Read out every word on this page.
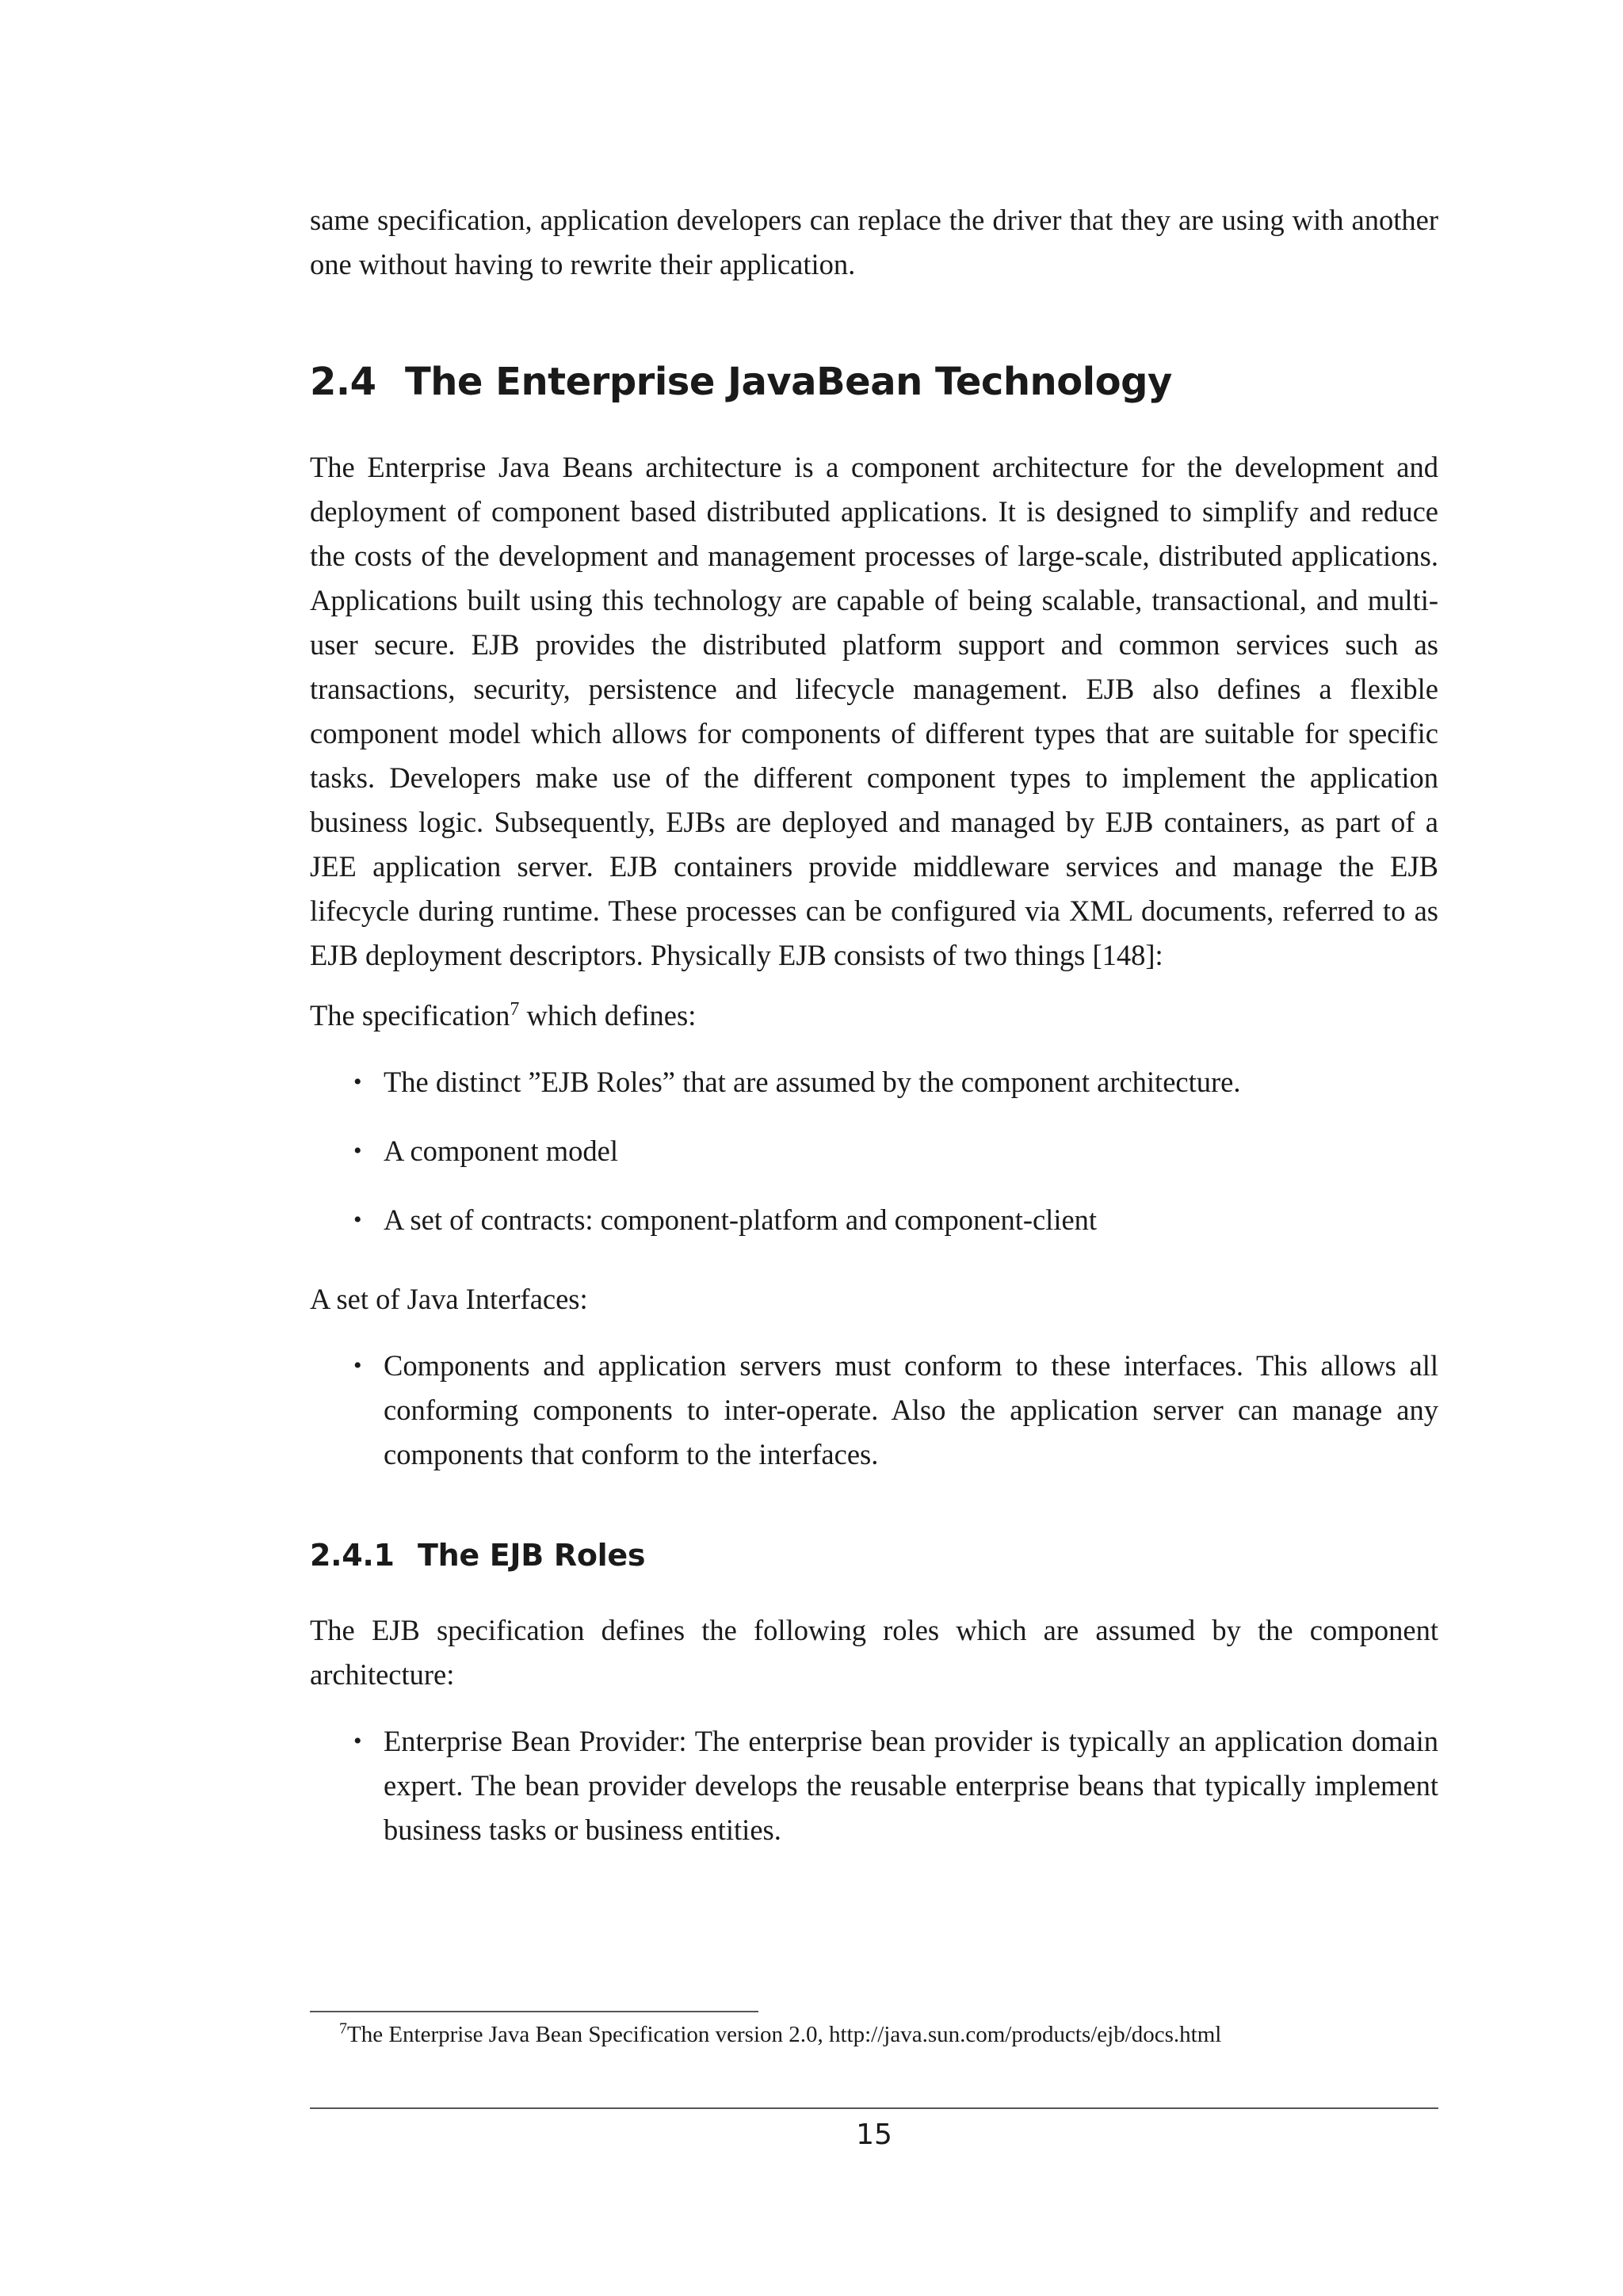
same specification, application developers can replace the driver that they are using with another one without having to rewrite their application.

2.4 The Enterprise JavaBean Technology

The Enterprise Java Beans architecture is a component architecture for the development and deployment of component based distributed applications. It is designed to simplify and reduce the costs of the development and management processes of large-scale, distributed applications. Applications built using this technology are capable of being scalable, transactional, and multi-user secure. EJB provides the distributed platform support and common services such as transactions, security, persistence and lifecycle management. EJB also defines a flexible component model which allows for components of different types that are suitable for specific tasks. Developers make use of the different component types to implement the application business logic. Subsequently, EJBs are deployed and managed by EJB containers, as part of a JEE application server. EJB containers provide middleware services and manage the EJB lifecycle during runtime. These processes can be configured via XML documents, referred to as EJB deployment descriptors. Physically EJB consists of two things [148]:

The specification$^7$ which defines:

• The distinct ”EJB Roles” that are assumed by the component architecture.
• A component model
• A set of contracts: component-platform and component-client

A set of Java Interfaces:

• Components and application servers must conform to these interfaces. This allows all conforming components to inter-operate. Also the application server can manage any components that conform to the interfaces.
2.4.1 The EJB Roles

The EJB specification defines the following roles which are assumed by the component architecture:

• Enterprise Bean Provider: The enterprise bean provider is typically an application domain expert. The bean provider develops the reusable enterprise beans that typically implement business tasks or business entities.
$^7$The Enterprise Java Bean Specification version 2.0, http://java.sun.com/products/ejb/docs.html
15
